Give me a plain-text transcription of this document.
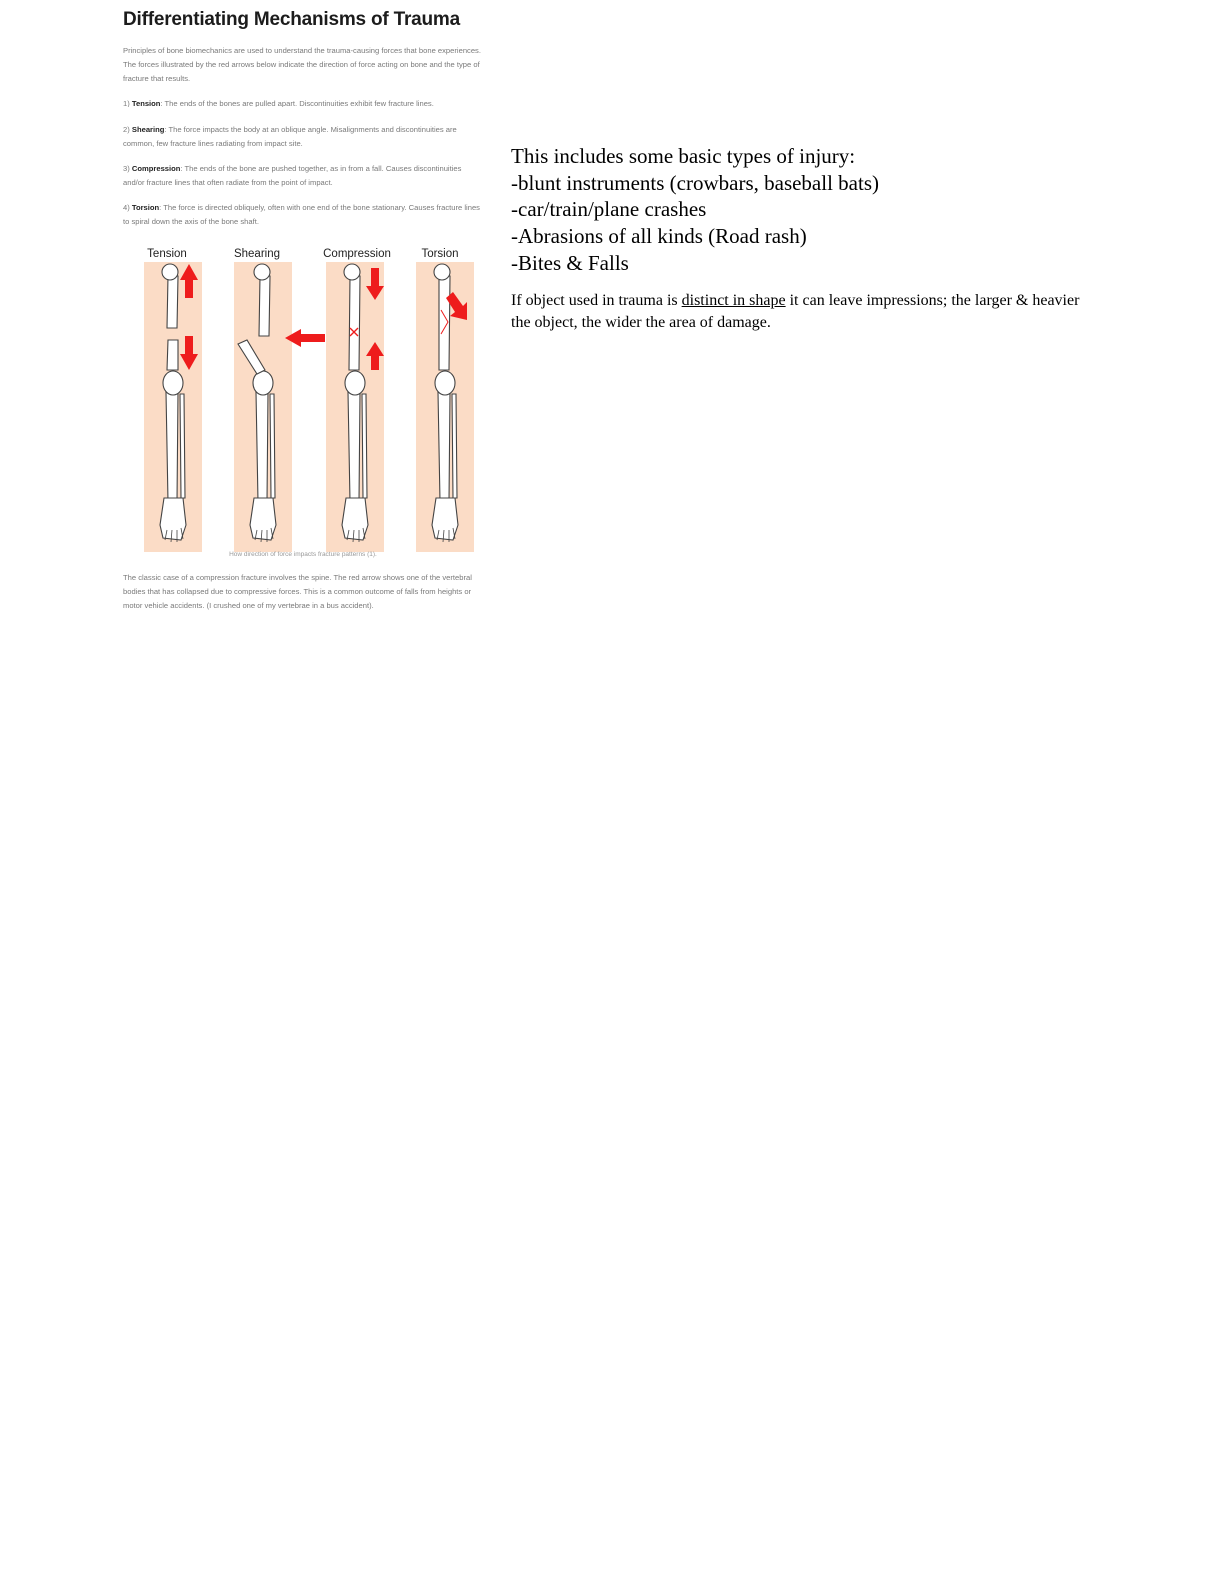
Differentiating Mechanisms of Trauma
Principles of bone biomechanics are used to understand the trauma-causing forces that bone experiences. The forces illustrated by the red arrows below indicate the direction of force acting on bone and the type of fracture that results.
1) Tension: The ends of the bones are pulled apart. Discontinuities exhibit few fracture lines.
2) Shearing: The force impacts the body at an oblique angle. Misalignments and discontinuities are common, few fracture lines radiating from impact site.
3) Compression: The ends of the bone are pushed together, as in from a fall. Causes discontinuities and/or fracture lines that often radiate from the point of impact.
4) Torsion: The force is directed obliquely, often with one end of the bone stationary. Causes fracture lines to spiral down the axis of the bone shaft.
Tension	Shearing	Compression	Torsion
How direction of force impacts fracture patterns (1).
The classic case of a compression fracture involves the spine. The red arrow shows one of the vertebral bodies that has collapsed due to compressive forces. This is a common outcome of falls from heights or motor vehicle accidents. (I crushed one of my vertebrae in a bus accident).
This includes some basic types of injury:
-blunt instruments (crowbars, baseball bats)
-car/train/plane crashes
-Abrasions of all kinds (Road rash)
-Bites & Falls
If object used in trauma is distinct in shape it can leave impressions; the larger & heavier the object, the wider the area of damage.
